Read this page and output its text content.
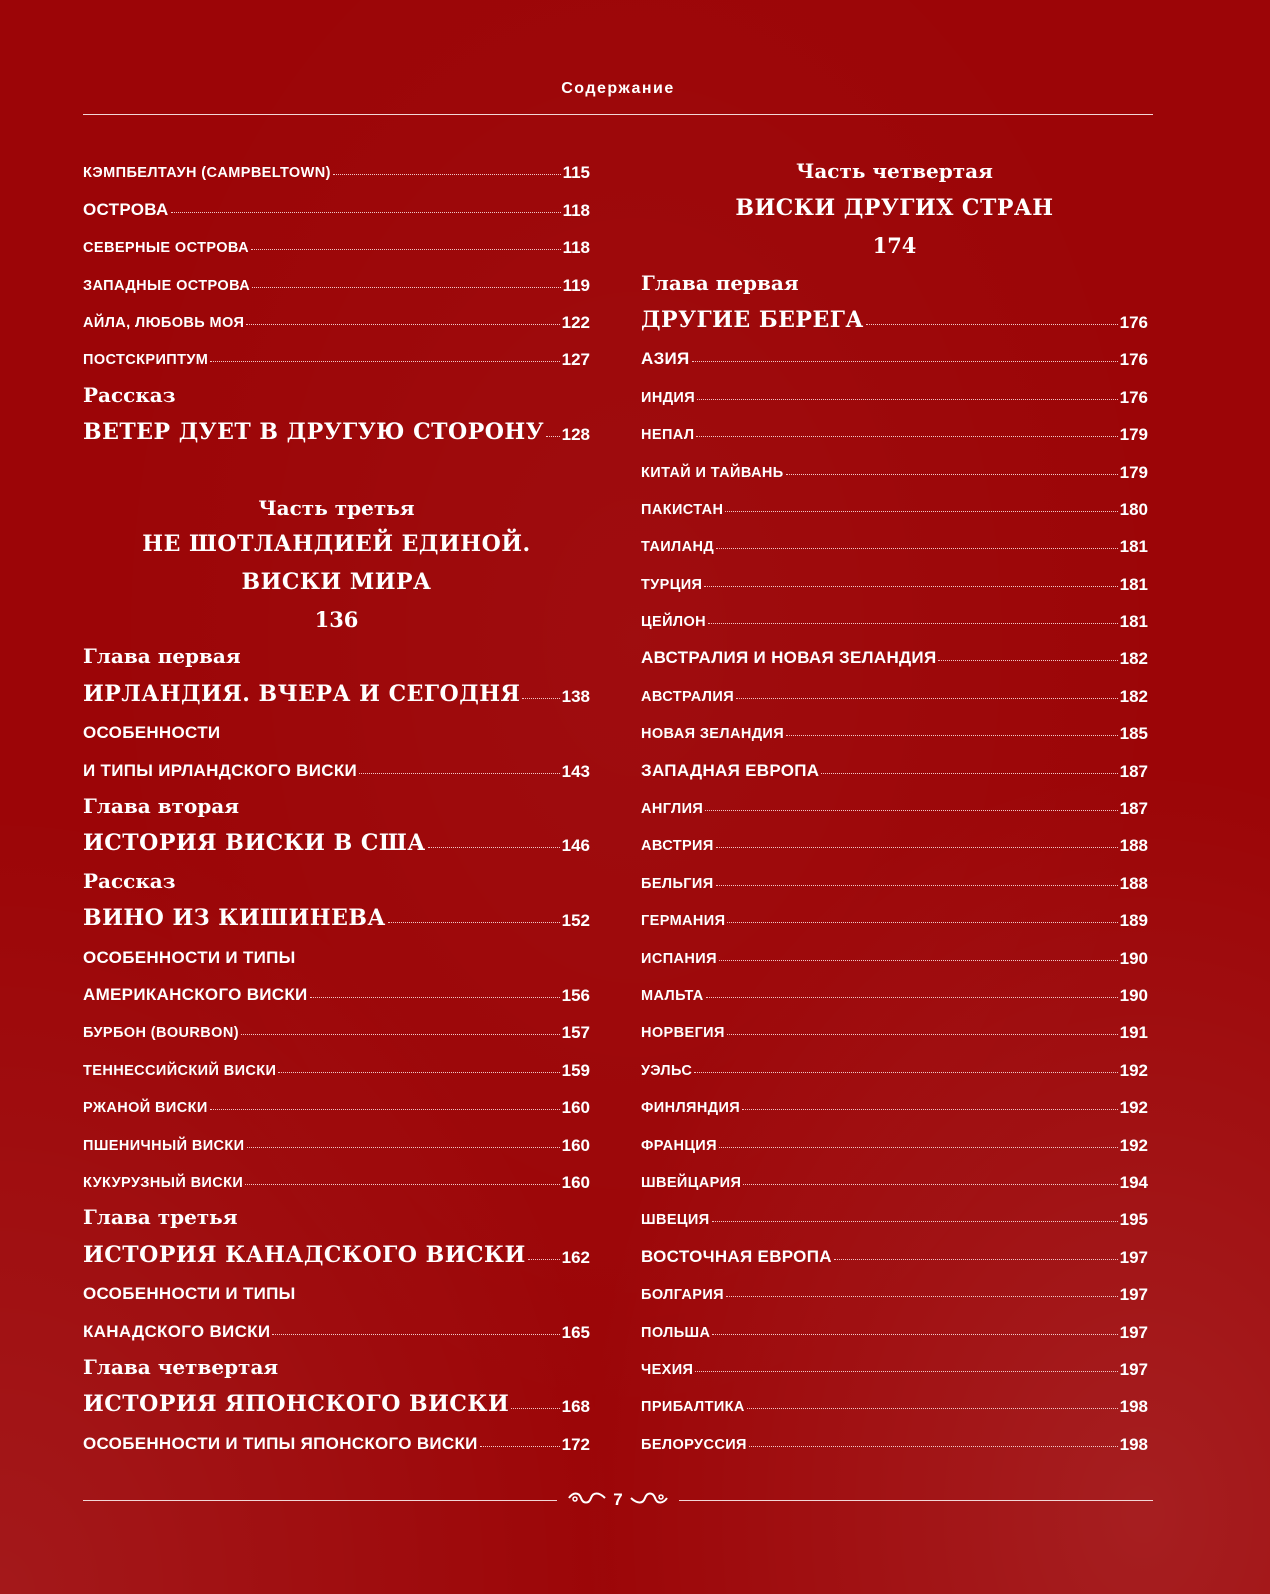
Содержание
КЭМПБЕЛТАУН (CAMPBELTOWN)	115
ОСТРОВА	118
СЕВЕРНЫЕ ОСТРОВА	118
ЗАПАДНЫЕ ОСТРОВА	119
АЙЛА, ЛЮБОВЬ МОЯ	122
ПОСТСКРИПТУМ	127
Рассказ
ВЕТЕР ДУЕТ В ДРУГУЮ СТОРОНУ 128
Часть третья
НЕ ШОТЛАНДИЕЙ ЕДИНОЙ.
ВИСКИ МИРА
136
Глава первая
ИРЛАНДИЯ. ВЧЕРА И СЕГОДНЯ 138
ОСОБЕННОСТИ
И ТИПЫ ИРЛАНДСКОГО ВИСКИ	143
Глава вторая
ИСТОРИЯ ВИСКИ В США	146
Рассказ
ВИНО ИЗ КИШИНЕВА	152
ОСОБЕННОСТИ И ТИПЫ
АМЕРИКАНСКОГО ВИСКИ	156
БУРБОН (BOURBON)	157
ТЕННЕССИЙСКИЙ ВИСКИ	159
РЖАНОЙ ВИСКИ	160
ПШЕНИЧНЫЙ ВИСКИ	160
КУКУРУЗНЫЙ ВИСКИ	160
Глава третья
ИСТОРИЯ КАНАДСКОГО ВИСКИ 162
ОСОБЕННОСТИ И ТИПЫ
КАНАДСКОГО ВИСКИ	165
Глава четвертая
ИСТОРИЯ ЯПОНСКОГО ВИСКИ	168
ОСОБЕННОСТИ И ТИПЫ ЯПОНСКОГО ВИСКИ	172
Часть четвертая
ВИСКИ ДРУГИХ СТРАН
174
Глава первая
ДРУГИЕ БЕРЕГА	176
АЗИЯ	176
ИНДИЯ	176
НЕПАЛ	179
КИТАЙ И ТАЙВАНЬ	179
ПАКИСТАН	180
ТАИЛАНД	181
ТУРЦИЯ	181
ЦЕЙЛОН	181
АВСТРАЛИЯ И НОВАЯ ЗЕЛАНДИЯ	182
АВСТРАЛИЯ	182
НОВАЯ ЗЕЛАНДИЯ	185
ЗАПАДНАЯ ЕВРОПА	187
АНГЛИЯ	187
АВСТРИЯ	188
БЕЛЬГИЯ	188
ГЕРМАНИЯ	189
ИСПАНИЯ	190
МАЛЬТА	190
НОРВЕГИЯ	191
УЭЛЬС	192
ФИНЛЯНДИЯ	192
ФРАНЦИЯ	192
ШВЕЙЦАРИЯ	194
ШВЕЦИЯ	195
ВОСТОЧНАЯ ЕВРОПА	197
БОЛГАРИЯ	197
ПОЛЬША	197
ЧЕХИЯ	197
ПРИБАЛТИКА	198
БЕЛОРУССИЯ	198
7
